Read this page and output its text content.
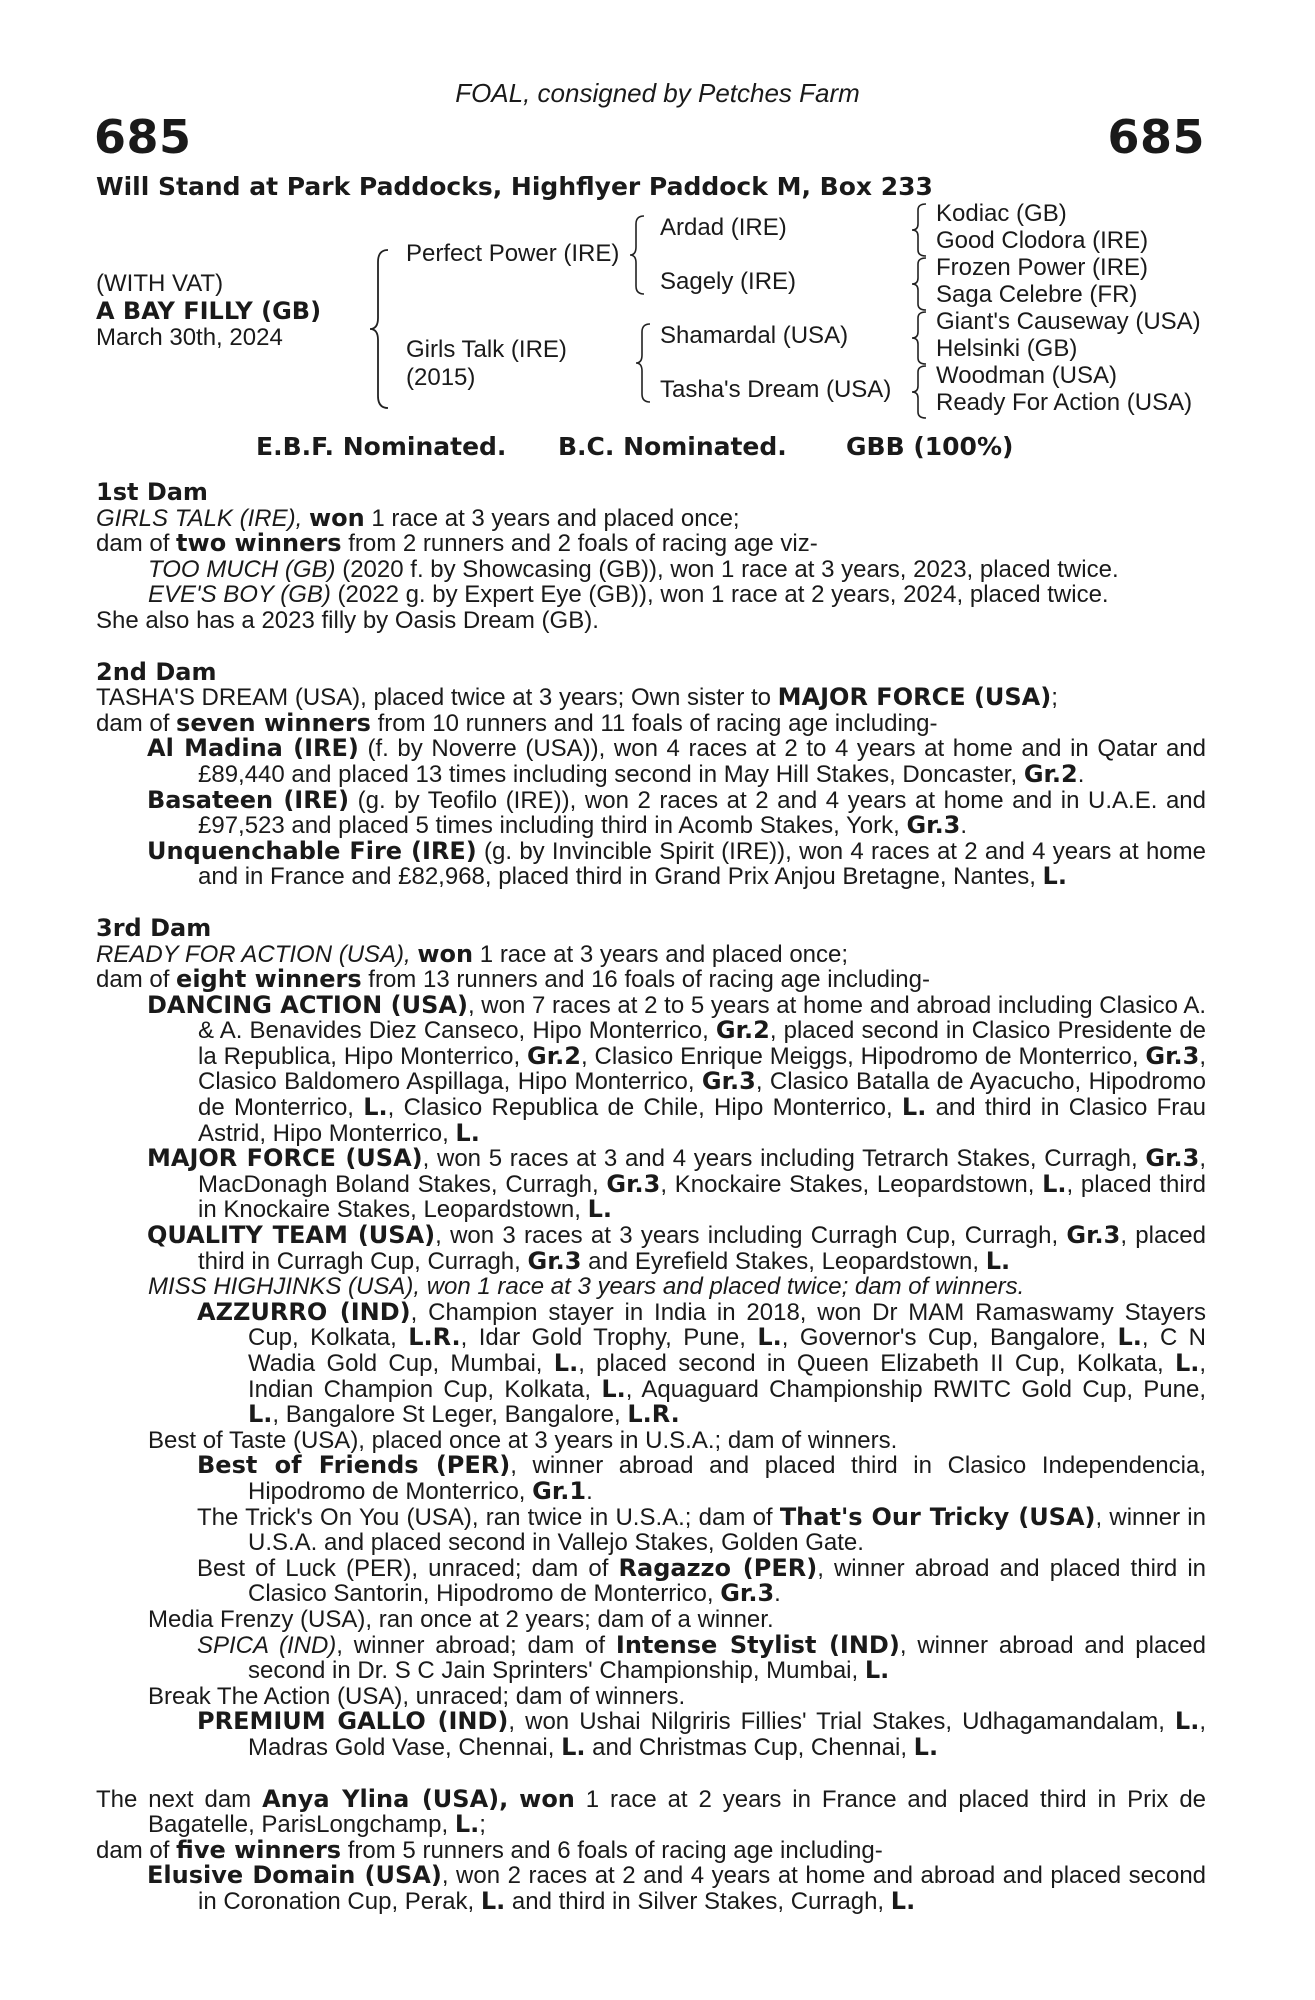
FOAL, consigned by Petches Farm
685	685
Will Stand at Park Paddocks, Highflyer Paddock M, Box 233
(WITH VAT)
A BAY FILLY (GB)
March 30th, 2024
Perfect Power (IRE)
Girls Talk (IRE)
(2015)
Ardad (IRE)
Sagely (IRE)
Shamardal (USA)
Tasha's Dream (USA)
Kodiac (GB)
Good Clodora (IRE)
Frozen Power (IRE)
Saga Celebre (FR)
Giant's Causeway (USA)
Helsinki (GB)
Woodman (USA)
Ready For Action (USA)
E.B.F. Nominated. B.C. Nominated. GBB (100%)

1st Dam

GIRLS TALK (IRE), won 1 race at 3 years and placed once;

dam of two winners from 2 runners and 2 foals of racing age viz-

TOO MUCH (GB) (2020 f. by Showcasing (GB)), won 1 race at 3 years, 2023, placed twice.

EVE'S BOY (GB) (2022 g. by Expert Eye (GB)), won 1 race at 2 years, 2024, placed twice.

She also has a 2023 filly by Oasis Dream (GB).

2nd Dam

TASHA'S DREAM (USA), placed twice at 3 years; Own sister to MAJOR FORCE (USA);

dam of seven winners from 10 runners and 11 foals of racing age including-

Al Madina (IRE) (f. by Noverre (USA)), won 4 races at 2 to 4 years at home and in Qatar and £89,440 and placed 13 times including second in May Hill Stakes, Doncaster, Gr.2.

Basateen (IRE) (g. by Teofilo (IRE)), won 2 races at 2 and 4 years at home and in U.A.E. and £97,523 and placed 5 times including third in Acomb Stakes, York, Gr.3.

Unquenchable Fire (IRE) (g. by Invincible Spirit (IRE)), won 4 races at 2 and 4 years at home and in France and £82,968, placed third in Grand Prix Anjou Bretagne, Nantes, L.

3rd Dam

READY FOR ACTION (USA), won 1 race at 3 years and placed once;

dam of eight winners from 13 runners and 16 foals of racing age including-

DANCING ACTION (USA), won 7 races at 2 to 5 years at home and abroad including Clasico A. & A. Benavides Diez Canseco, Hipo Monterrico, Gr.2, placed second in Clasico Presidente de la Republica, Hipo Monterrico, Gr.2, Clasico Enrique Meiggs, Hipodromo de Monterrico, Gr.3, Clasico Baldomero Aspillaga, Hipo Monterrico, Gr.3, Clasico Batalla de Ayacucho, Hipodromo de Monterrico, L., Clasico Republica de Chile, Hipo Monterrico, L. and third in Clasico Frau Astrid, Hipo Monterrico, L.

MAJOR FORCE (USA), won 5 races at 3 and 4 years including Tetrarch Stakes, Curragh, Gr.3, MacDonagh Boland Stakes, Curragh, Gr.3, Knockaire Stakes, Leopardstown, L., placed third in Knockaire Stakes, Leopardstown, L.

QUALITY TEAM (USA), won 3 races at 3 years including Curragh Cup, Curragh, Gr.3, placed third in Curragh Cup, Curragh, Gr.3 and Eyrefield Stakes, Leopardstown, L.

MISS HIGHJINKS (USA), won 1 race at 3 years and placed twice; dam of winners.

AZZURRO (IND), Champion stayer in India in 2018, won Dr MAM Ramaswamy Stayers Cup, Kolkata, L.R., Idar Gold Trophy, Pune, L., Governor's Cup, Bangalore, L., C N Wadia Gold Cup, Mumbai, L., placed second in Queen Elizabeth II Cup, Kolkata, L., Indian Champion Cup, Kolkata, L., Aquaguard Championship RWITC Gold Cup, Pune, L., Bangalore St Leger, Bangalore, L.R.

Best of Taste (USA), placed once at 3 years in U.S.A.; dam of winners.

Best of Friends (PER), winner abroad and placed third in Clasico Independencia, Hipodromo de Monterrico, Gr.1.

The Trick's On You (USA), ran twice in U.S.A.; dam of That's Our Tricky (USA), winner in U.S.A. and placed second in Vallejo Stakes, Golden Gate.

Best of Luck (PER), unraced; dam of Ragazzo (PER), winner abroad and placed third in Clasico Santorin, Hipodromo de Monterrico, Gr.3.

Media Frenzy (USA), ran once at 2 years; dam of a winner.

SPICA (IND), winner abroad; dam of Intense Stylist (IND), winner abroad and placed second in Dr. S C Jain Sprinters' Championship, Mumbai, L.

Break The Action (USA), unraced; dam of winners.

PREMIUM GALLO (IND), won Ushai Nilgriris Fillies' Trial Stakes, Udhagamandalam, L., Madras Gold Vase, Chennai, L. and Christmas Cup, Chennai, L.

The next dam Anya Ylina (USA), won 1 race at 2 years in France and placed third in Prix de Bagatelle, ParisLongchamp, L.;

dam of five winners from 5 runners and 6 foals of racing age including-

Elusive Domain (USA), won 2 races at 2 and 4 years at home and abroad and placed second in Coronation Cup, Perak, L. and third in Silver Stakes, Curragh, L.
